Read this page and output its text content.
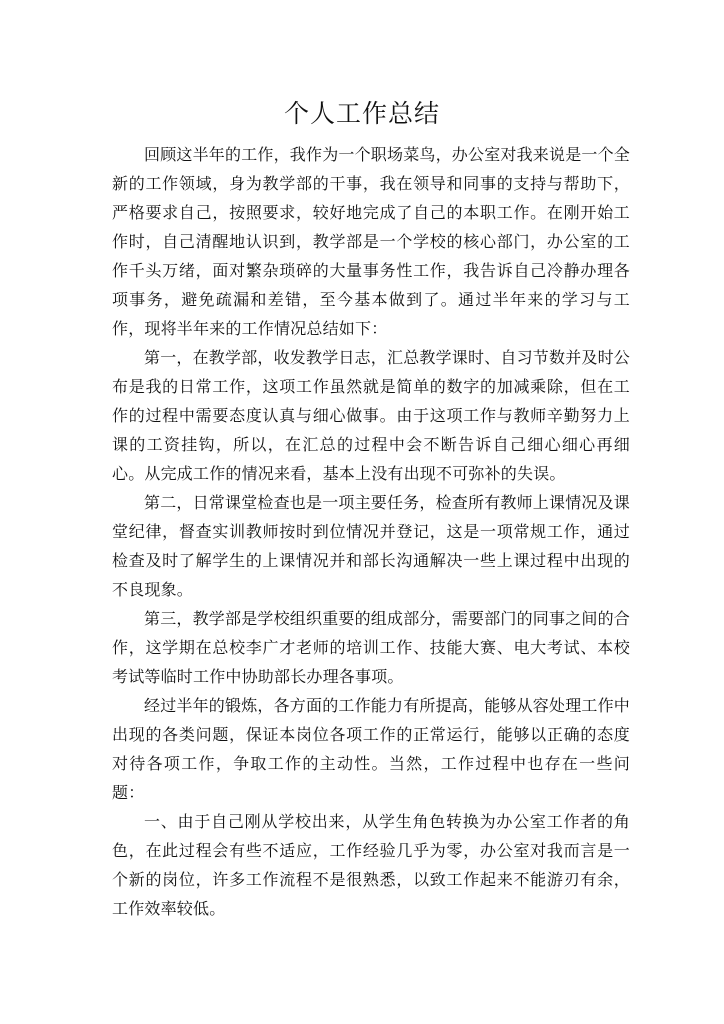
个人工作总结

回顾这半年的工作，我作为一个职场菜鸟，办公室对我来说是一个全新的工作领域，身为教学部的干事，我在领导和同事的支持与帮助下，严格要求自己，按照要求，较好地完成了自己的本职工作。在刚开始工作时，自己清醒地认识到，教学部是一个学校的核心部门，办公室的工作千头万绪，面对繁杂琐碎的大量事务性工作，我告诉自己冷静办理各项事务，避免疏漏和差错，至今基本做到了。通过半年来的学习与工作，现将半年来的工作情况总结如下：

第一，在教学部，收发教学日志，汇总教学课时、自习节数并及时公布是我的日常工作，这项工作虽然就是简单的数字的加减乘除，但在工作的过程中需要态度认真与细心做事。由于这项工作与教师辛勤努力上课的工资挂钩，所以，在汇总的过程中会不断告诉自己细心细心再细心。从完成工作的情况来看，基本上没有出现不可弥补的失误。

第二，日常课堂检查也是一项主要任务，检查所有教师上课情况及课堂纪律，督查实训教师按时到位情况并登记，这是一项常规工作，通过检查及时了解学生的上课情况并和部长沟通解决一些上课过程中出现的不良现象。

第三，教学部是学校组织重要的组成部分，需要部门的同事之间的合作，这学期在总校李广才老师的培训工作、技能大赛、电大考试、本校考试等临时工作中协助部长办理各事项。

经过半年的锻炼，各方面的工作能力有所提高，能够从容处理工作中出现的各类问题，保证本岗位各项工作的正常运行，能够以正确的态度对待各项工作，争取工作的主动性。当然，工作过程中也存在一些问题：

一、由于自己刚从学校出来，从学生角色转换为办公室工作者的角色，在此过程会有些不适应，工作经验几乎为零，办公室对我而言是一个新的岗位，许多工作流程不是很熟悉，以致工作起来不能游刃有余，工作效率较低。
